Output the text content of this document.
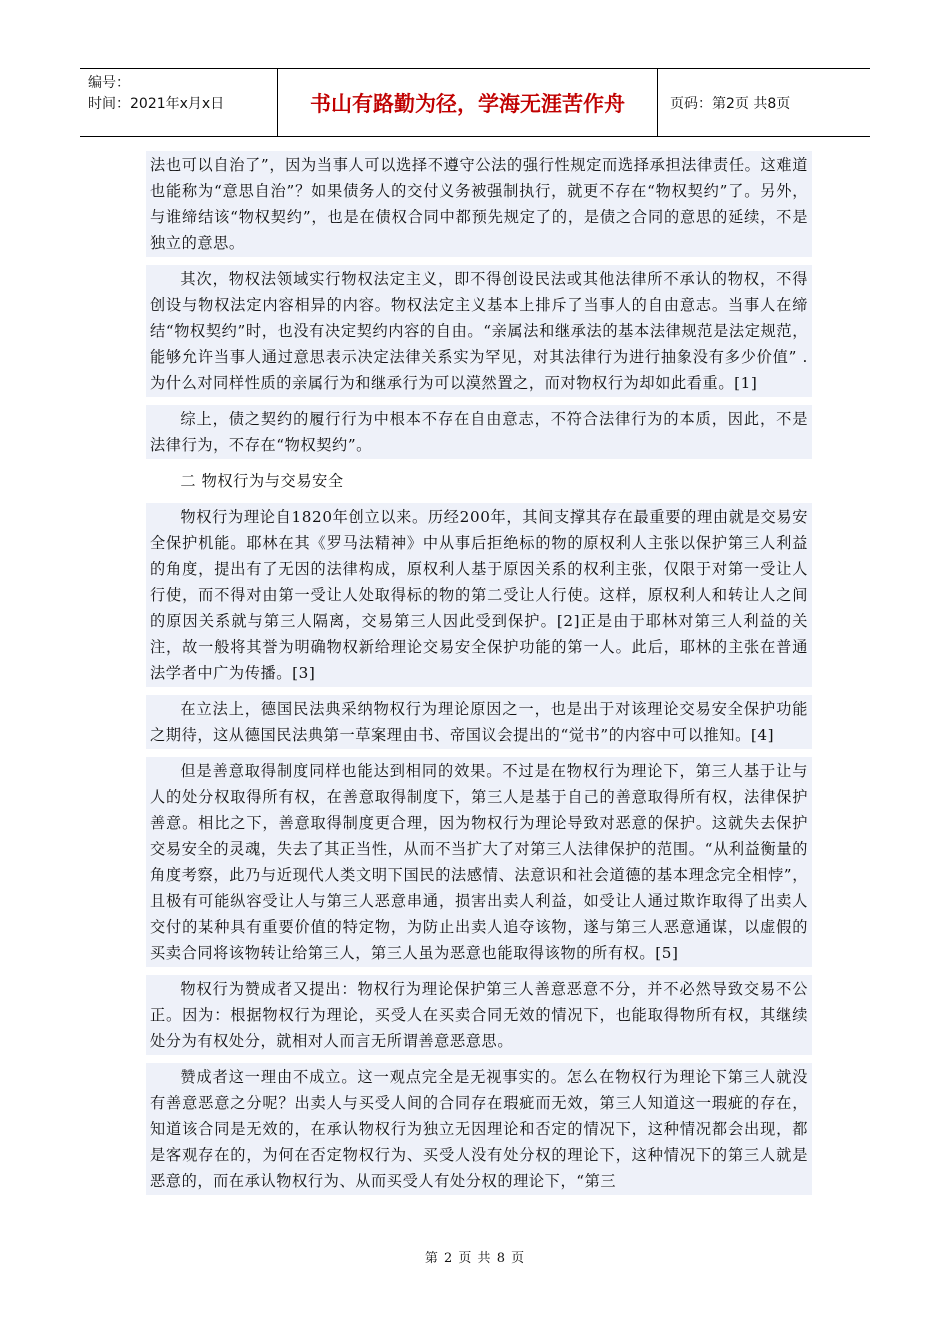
编号：
时间：2021年x月x日	书山有路勤为径，学海无涯苦作舟	页码：第2页 共8页

法也可以自治了”，因为当事人可以选择不遵守公法的强行性规定而选择承担法律责任。这难道也能称为“意思自治”？如果债务人的交付义务被强制执行，就更不存在“物权契约”了。另外，与谁缔结该“物权契约”，也是在债权合同中都预先规定了的，是债之合同的意思的延续，不是独立的意思。

其次，物权法领域实行物权法定主义，即不得创设民法或其他法律所不承认的物权，不得创设与物权法定内容相异的内容。物权法定主义基本上排斥了当事人的自由意志。当事人在缔结“物权契约”时，也没有决定契约内容的自由。“亲属法和继承法的基本法律规范是法定规范，能够允许当事人通过意思表示决定法律关系实为罕见，对其法律行为进行抽象没有多少价值” .为什么对同样性质的亲属行为和继承行为可以漠然置之，而对物权行为却如此看重。[1]

综上，债之契约的履行行为中根本不存在自由意志，不符合法律行为的本质，因此，不是法律行为，不存在“物权契约”。

二 物权行为与交易安全

物权行为理论自1820年创立以来。历经200年，其间支撑其存在最重要的理由就是交易安全保护机能。耶林在其《罗马法精神》中从事后拒绝标的物的原权利人主张以保护第三人利益的角度，提出有了无因的法律构成，原权利人基于原因关系的权利主张，仅限于对第一受让人行使，而不得对由第一受让人处取得标的物的第二受让人行使。这样，原权利人和转让人之间的原因关系就与第三人隔离，交易第三人因此受到保护。[2]正是由于耶林对第三人利益的关注，故一般将其誉为明确物权新给理论交易安全保护功能的第一人。此后，耶林的主张在普通法学者中广为传播。[3]

在立法上，德国民法典采纳物权行为理论原因之一，也是出于对该理论交易安全保护功能之期待，这从德国民法典第一草案理由书、帝国议会提出的“觉书”的内容中可以推知。[4]

但是善意取得制度同样也能达到相同的效果。不过是在物权行为理论下，第三人基于让与人的处分权取得所有权，在善意取得制度下，第三人是基于自己的善意取得所有权，法律保护善意。相比之下，善意取得制度更合理，因为物权行为理论导致对恶意的保护。这就失去保护交易安全的灵魂，失去了其正当性，从而不当扩大了对第三人法律保护的范围。“从利益衡量的角度考察，此乃与近现代人类文明下国民的法感情、法意识和社会道德的基本理念完全相悖”，且极有可能纵容受让人与第三人恶意串通，损害出卖人利益，如受让人通过欺诈取得了出卖人交付的某种具有重要价值的特定物，为防止出卖人追夺该物，遂与第三人恶意通谋，以虚假的买卖合同将该物转让给第三人，第三人虽为恶意也能取得该物的所有权。[5]

物权行为赞成者又提出：物权行为理论保护第三人善意恶意不分，并不必然导致交易不公正。因为：根据物权行为理论，买受人在买卖合同无效的情况下，也能取得物所有权，其继续处分为有权处分，就相对人而言无所谓善意恶意思。

赞成者这一理由不成立。这一观点完全是无视事实的。怎么在物权行为理论下第三人就没有善意恶意之分呢？出卖人与买受人间的合同存在瑕疵而无效，第三人知道这一瑕疵的存在，知道该合同是无效的，在承认物权行为独立无因理论和否定的情况下，这种情况都会出现，都是客观存在的，为何在否定物权行为、买受人没有处分权的理论下，这种情况下的第三人就是恶意的，而在承认物权行为、从而买受人有处分权的理论下，“第三

第 2 页 共 8 页
